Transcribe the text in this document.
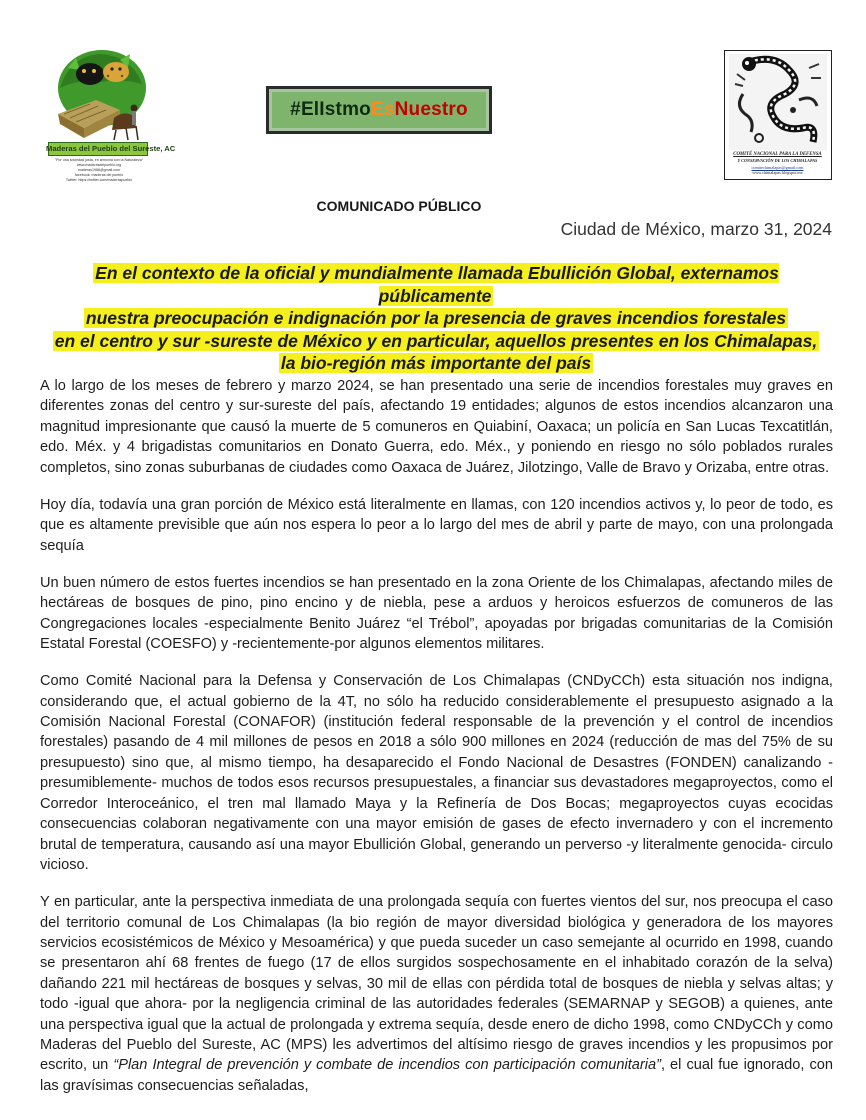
Maderas del Pueblo del Sureste, AC
"Por una sociedad justa, en armonía con la Naturaleza"
www.maderasdelpueblo.org
maderas1986@gmail.com
facebook: maderas del pueblo
Twitter: https://twitter.com/maderaspueblo
#ElIstmo Es Nuestro
COMITÉ NACIONAL PARA LA DEFENSA
Y CONSERVACIÓN DE LOS CHIMALAPAS
comitechimalapas@gmail.com
www.chimalapas.blogspot.mx
COMUNICADO PÚBLICO
Ciudad de México, marzo 31, 2024
En el contexto de la oficial y mundialmente llamada Ebullición Global, externamos públicamente
nuestra preocupación e indignación por la presencia de graves incendios forestales
en el centro y sur -sureste de México y en particular, aquellos presentes en los Chimalapas,
la bio-región más importante del país

A lo largo de los meses de febrero y marzo 2024, se han presentado una serie de incendios forestales muy graves en diferentes zonas del centro y sur-sureste del país, afectando 19 entidades; algunos de estos incendios alcanzaron una magnitud impresionante que causó la muerte de 5 comuneros en Quiabiní, Oaxaca; un policía en San Lucas Texcatitlán, edo. Méx. y 4 brigadistas comunitarios en Donato Guerra, edo. Méx., y poniendo en riesgo no sólo poblados rurales completos, sino zonas suburbanas de ciudades como Oaxaca de Juárez, Jilotzingo, Valle de Bravo y Orizaba, entre otras.

Hoy día, todavía una gran porción de México está literalmente en llamas, con 120 incendios activos y, lo peor de todo, es que es altamente previsible que aún nos espera lo peor a lo largo del mes de abril y parte de mayo, con una prolongada sequía

Un buen número de estos fuertes incendios se han presentado en la zona Oriente de los Chimalapas, afectando miles de hectáreas de bosques de pino, pino encino y de niebla, pese a arduos y heroicos esfuerzos de comuneros de las Congregaciones locales -especialmente Benito Juárez “el Trébol”, apoyadas por brigadas comunitarias de la Comisión Estatal Forestal (COESFO) y -recientemente-por algunos elementos militares.

Como Comité Nacional para la Defensa y Conservación de Los Chimalapas (CNDyCCh) esta situación nos indigna, considerando que, el actual gobierno de la 4T, no sólo ha reducido considerablemente el presupuesto asignado a la Comisión Nacional Forestal (CONAFOR) (institución federal responsable de la prevención y el control de incendios forestales) pasando de 4 mil millones de pesos en 2018 a sólo 900 millones en 2024 (reducción de mas del 75% de su presupuesto) sino que, al mismo tiempo, ha desaparecido el Fondo Nacional de Desastres (FONDEN) canalizando -presumiblemente- muchos de todos esos recursos presupuestales, a financiar sus devastadores megaproyectos, como el Corredor Interoceánico, el tren mal llamado Maya y la Refinería de Dos Bocas; megaproyectos cuyas ecocidas consecuencias colaboran negativamente con una mayor emisión de gases de efecto invernadero y con el incremento brutal de temperatura, causando así una mayor Ebullición Global, generando un perverso -y literalmente genocida- circulo vicioso.

Y en particular, ante la perspectiva inmediata de una prolongada sequía con fuertes vientos del sur, nos preocupa el caso del territorio comunal de Los Chimalapas (la bio región de mayor diversidad biológica y generadora de los mayores servicios ecosistémicos de México y Mesoamérica) y que pueda suceder un caso semejante al ocurrido en 1998, cuando se presentaron ahí 68 frentes de fuego (17 de ellos surgidos sospechosamente en el inhabitado corazón de la selva) dañando 221 mil hectáreas de bosques y selvas, 30 mil de ellas con pérdida total de bosques de niebla y selvas altas; y todo -igual que ahora- por la negligencia criminal de las autoridades federales (SEMARNAP y SEGOB) a quienes, ante una perspectiva igual que la actual de prolongada y extrema sequía, desde enero de dicho 1998, como CNDyCCh y como Maderas del Pueblo del Sureste, AC (MPS) les advertimos del altísimo riesgo de graves incendios y les propusimos por escrito, un “Plan Integral de prevención y combate de incendios con participación comunitaria”, el cual fue ignorado, con las gravísimas consecuencias señaladas,
